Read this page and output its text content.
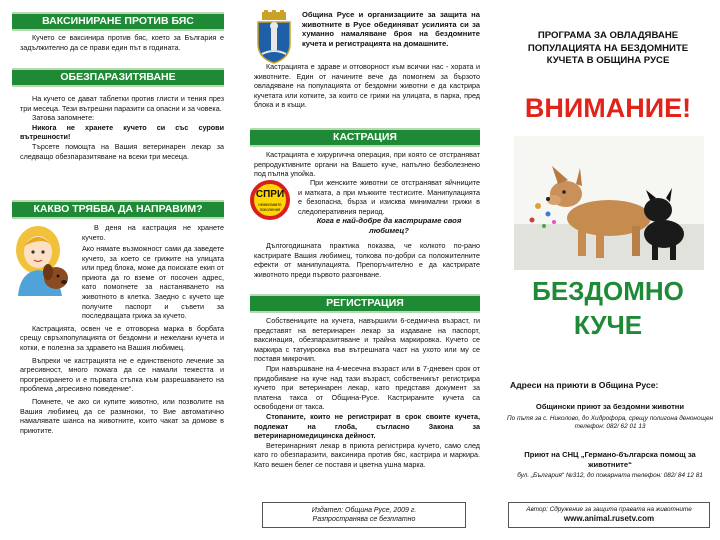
ВАКСИНИРАНЕ ПРОТИВ БЯС

Кучето се ваксинира против бяс, което за България е задължително да се прави един път в годината.

ОБЕЗПАРАЗИТЯВАНЕ

На кучето се дават таблетки против глисти и тения през три месеца. Тези вътрешни паразити са опасни и за човека.

Затова запомнете:

Никога не хранете кучето си със сурови вътрешности!

Търсете помощта на Вашия ветеринарен лекар за следващо обезпаразитяване на всеки три месеца.

КАКВО ТРЯБВА ДА НАПРАВИМ?

В деня на кастрация не хранете кучето.

Ако нямате възможност сами да заведете кучето, за което се грижите на улицата или пред блока, може да поискате екип от приюта да го вземе от посочен адрес, като помогнете за настаняването на животното в клетка. Заедно с кучето ще получите паспорт и съвети за последващата грижа за кучето.

Кастрацията, освен че е отговорна марка в борбата срещу свръхпопулацията от бездомни и нежелани кучета и котки, е полезна за здравето на Вашия любимец.

Въпреки че кастрацията не е единственото лечение за агресивност, много помага да се намали тежестта и прогресирането и е първата стъпка към разрешаването на проблема „агресивно поведение“.

Помнете, че ако си купите животно, или позволите на Вашия любимец да се размножи, то Вие автоматично намалявате шанса на животните, които чакат за домове в приютите.

Община Русе и организациите за защита на животните в Русе обединяват усилията си за хуманно намаляване броя на бездомните кучета и регистрацията на домашните.

Кастрацията е здраве и отговорност към всички нас - хората и животните. Един от начините вече да помогнем за бързото овладяване на популацията от бездомни животни е да кастрира кучетата или котките, за които се грижи на улицата, в парка, пред блока и в къщи.

КАСТРАЦИЯ

Кастрацията е хирургична операция, при която се отстраняват репродуктивните органи на Вашето куче, напълно безболезнено под пълна упойка.

СПРИ
нежеланите поколения

При женските животни се отстраняват яйчниците и матката, а при мъжките тестисите. Манипулацията е безопасна, бърза и изисква минимални грижи в следоперативния период.

Кога е най-добре да кастрираме своя любимец?

Дългогодишната практика показва, че колкото по-рано кастрирате Вашия любимец, толкова по-добри са положителните ефекти от манипулацията. Препоръчително е да кастрирате животното преди първото разгонване.

РЕГИСТРАЦИЯ

Собствениците на кучета, навършили 6-седмична възраст, ги представят на ветеринарен лекар за издаване на паспорт, ваксинация, обезпаразитяване и трайна маркировка. Кучето се маркира с татуировка във вътрешната част на ухото или му се поставя микрочип.

При навършване на 4-месечна възраст или в 7-дневен срок от придобиване на куче над тази възраст, собственикът регистрира кучето при ветеринарен лекар, като представя документ за платена такса от Община-Русе. Кастрираните кучета са освободени от такса.

Стопаните, които не регистрират в срок своите кучета, подлежат на глоба, съгласно Закона за ветеринарномедицинска дейност.

Ветеринарният лекар в приюта регистрира кучето, само след като го обезпаразити, ваксинира против бяс, кастрира и маркира. Като вешен белег се поставя и цветна ушна марка.

Издател: Община Русе, 2009 г.
Разпространява се безплатно
ПРОГРАМА ЗА ОВЛАДЯВАНЕ ПОПУЛАЦИЯТА НА БЕЗДОМНИТЕ КУЧЕТА В ОБЩИНА РУСЕ
ВНИМАНИЕ!
БЕЗДОМНО
КУЧЕ
Адреси на приюти в Община Русе:
Общински приют за бездомни животни
По пътя за с. Николово, до Хидрофорa, срещу полигона денонощен телефон: 082/ 62 01 13
Приют на СНЦ „Германо-българска помощ за животните“
бул. „България“ №312, до пожарната телефон: 082/ 84 12 81
Автор: Сдружение за защита правата на животните
www.animal.rusetv.com
